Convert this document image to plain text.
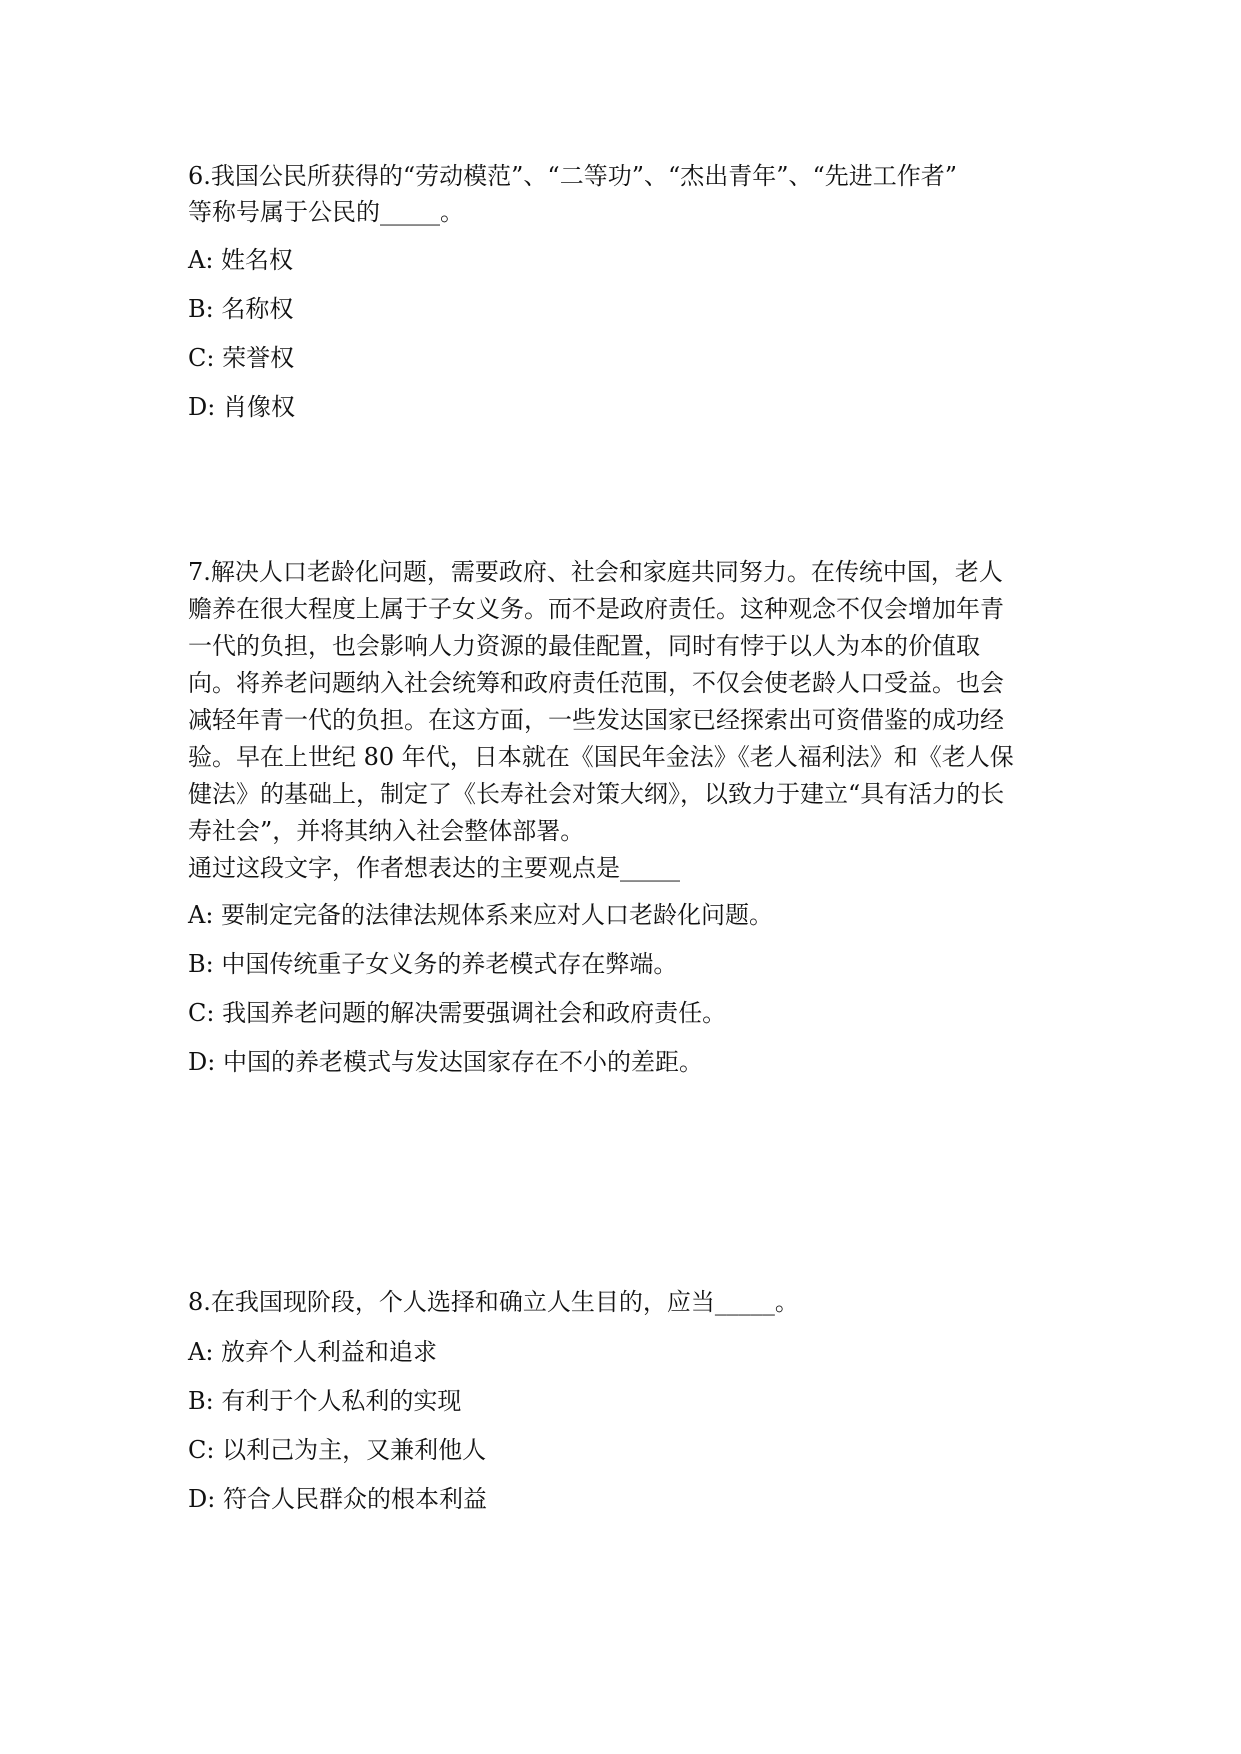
6.我国公民所获得的“劳动模范”、“二等功”、“杰出青年”、“先进工作者”
等称号属于公民的_____。
A: 姓名权
B: 名称权
C: 荣誉权
D: 肖像权
7.解决人口老龄化问题，需要政府、社会和家庭共同努力。在传统中国，老人
赡养在很大程度上属于子女义务。而不是政府责任。这种观念不仅会增加年青
一代的负担，也会影响人力资源的最佳配置，同时有悖于以人为本的价值取
向。将养老问题纳入社会统筹和政府责任范围，不仅会使老龄人口受益。也会
减轻年青一代的负担。在这方面，一些发达国家已经探索出可资借鉴的成功经
验。早在上世纪 80 年代，日本就在《国民年金法》《老人福利法》和《老人保
健法》的基础上，制定了《长寿社会对策大纲》，以致力于建立“具有活力的长
寿社会”，并将其纳入社会整体部署。
通过这段文字，作者想表达的主要观点是_____
A: 要制定完备的法律法规体系来应对人口老龄化问题。
B: 中国传统重子女义务的养老模式存在弊端。
C: 我国养老问题的解决需要强调社会和政府责任。
D: 中国的养老模式与发达国家存在不小的差距。
8.在我国现阶段，个人选择和确立人生目的，应当_____。
A: 放弃个人利益和追求
B: 有利于个人私利的实现
C: 以利己为主，又兼利他人
D: 符合人民群众的根本利益
